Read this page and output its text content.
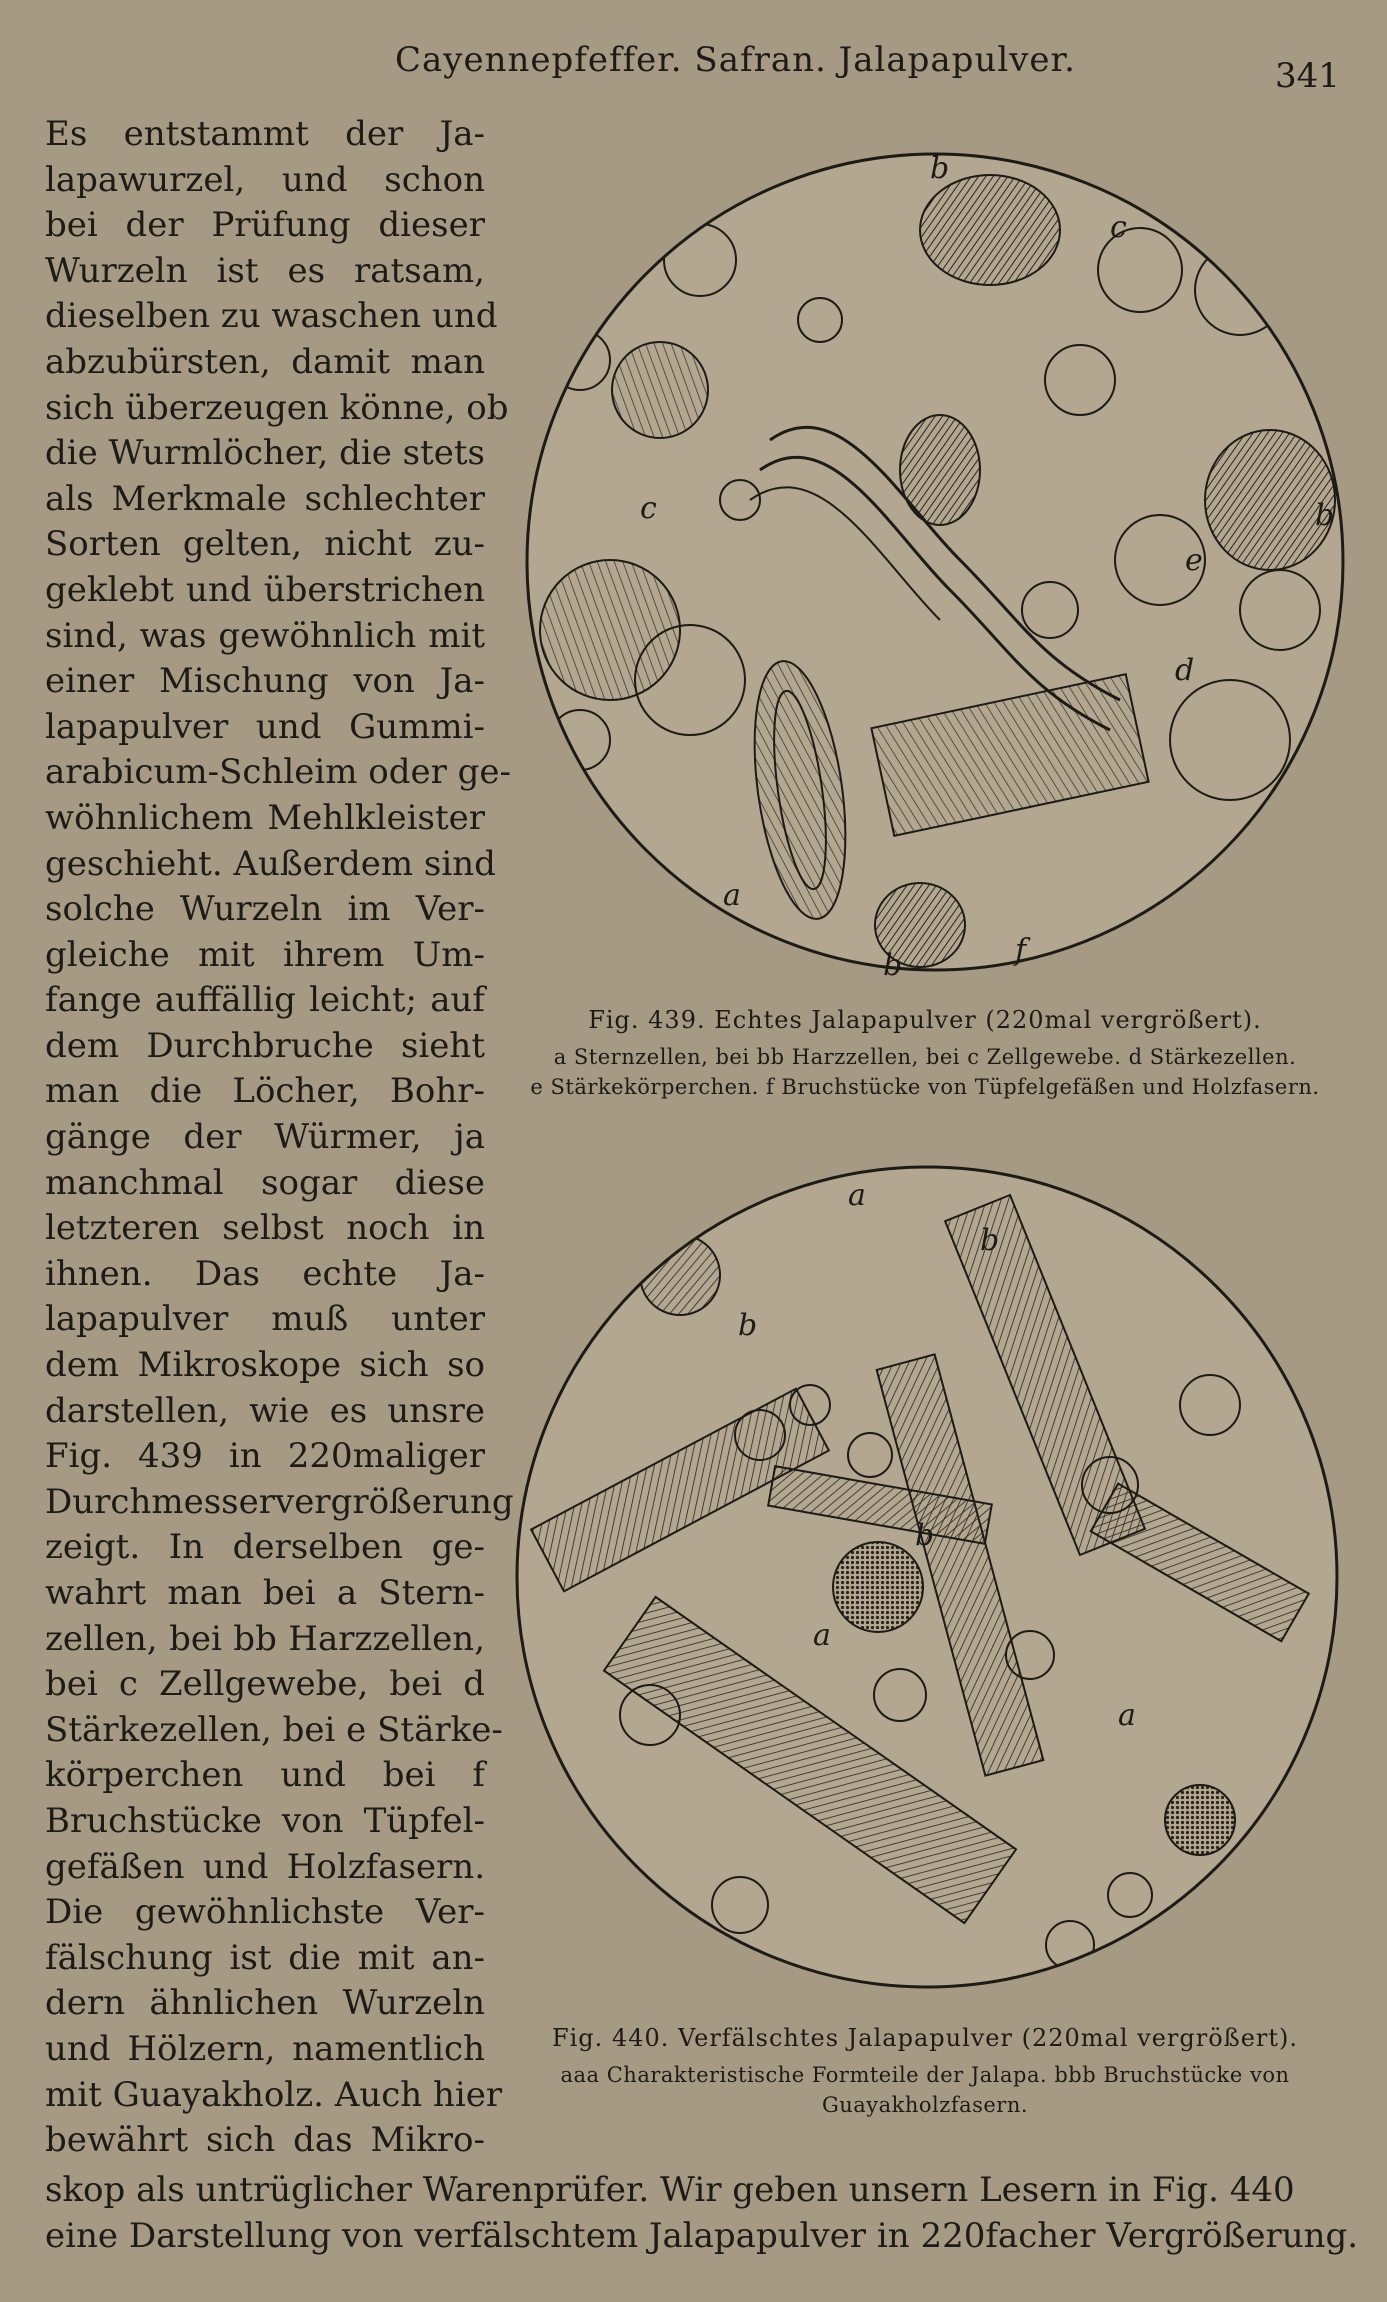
Cayennepfeffer. Safran. Jalapapulver.	341
Es entstammt der Ja-
lapawurzel, und schon
bei der Prüfung dieser
Wurzeln ist es ratsam,
dieselben zu waschen und
abzubürsten, damit man
sich überzeugen könne, ob
die Wurmlöcher, die stets
als Merkmale schlechter
Sorten gelten, nicht zu-
geklebt und überstrichen
sind, was gewöhnlich mit
einer Mischung von Ja-
lapapulver und Gummi-
arabicum-Schleim oder ge-
wöhnlichem Mehlkleister
geschieht. Außerdem sind
solche Wurzeln im Ver-
gleiche mit ihrem Um-
fange auffällig leicht; auf
dem Durchbruche sieht
man die Löcher, Bohr-
gänge der Würmer, ja
manchmal sogar diese
letzteren selbst noch in
ihnen. Das echte Ja-
lapapulver muß unter
dem Mikroskope sich so
darstellen, wie es unsre
Fig. 439 in 220maliger
Durchmesservergrößerung
zeigt. In derselben ge-
wahrt man bei a Stern-
zellen, bei bb Harzzellen,
bei c Zellgewebe, bei d
Stärkezellen, bei e Stärke-
körperchen und bei f
Bruchstücke von Tüpfel-
gefäßen und Holzfasern.
Die gewöhnlichste Ver-
fälschung ist die mit an-
dern ähnlichen Wurzeln
und Hölzern, namentlich
mit Guayakholz. Auch hier
bewährt sich das Mikro-
skop als untrüglicher Warenprüfer. Wir geben unsern Lesern in Fig. 440
eine Darstellung von verfälschtem Jalapapulver in 220facher Vergrößerung.
a
b
b
b
c
c
d
e
f
Fig. 439. Echtes Jalapapulver (220mal vergrößert).
a Sternzellen, bei bb Harzzellen, bei c Zellgewebe. d Stärkezellen.
e Stärkekörperchen. f Bruchstücke von Tüpfelgefäßen und Holzfasern.
a
a
a
b
b
b
Fig. 440. Verfälschtes Jalapapulver (220mal vergrößert).
aaa Charakteristische Formteile der Jalapa. bbb Bruchstücke von
Guayakholzfasern.
